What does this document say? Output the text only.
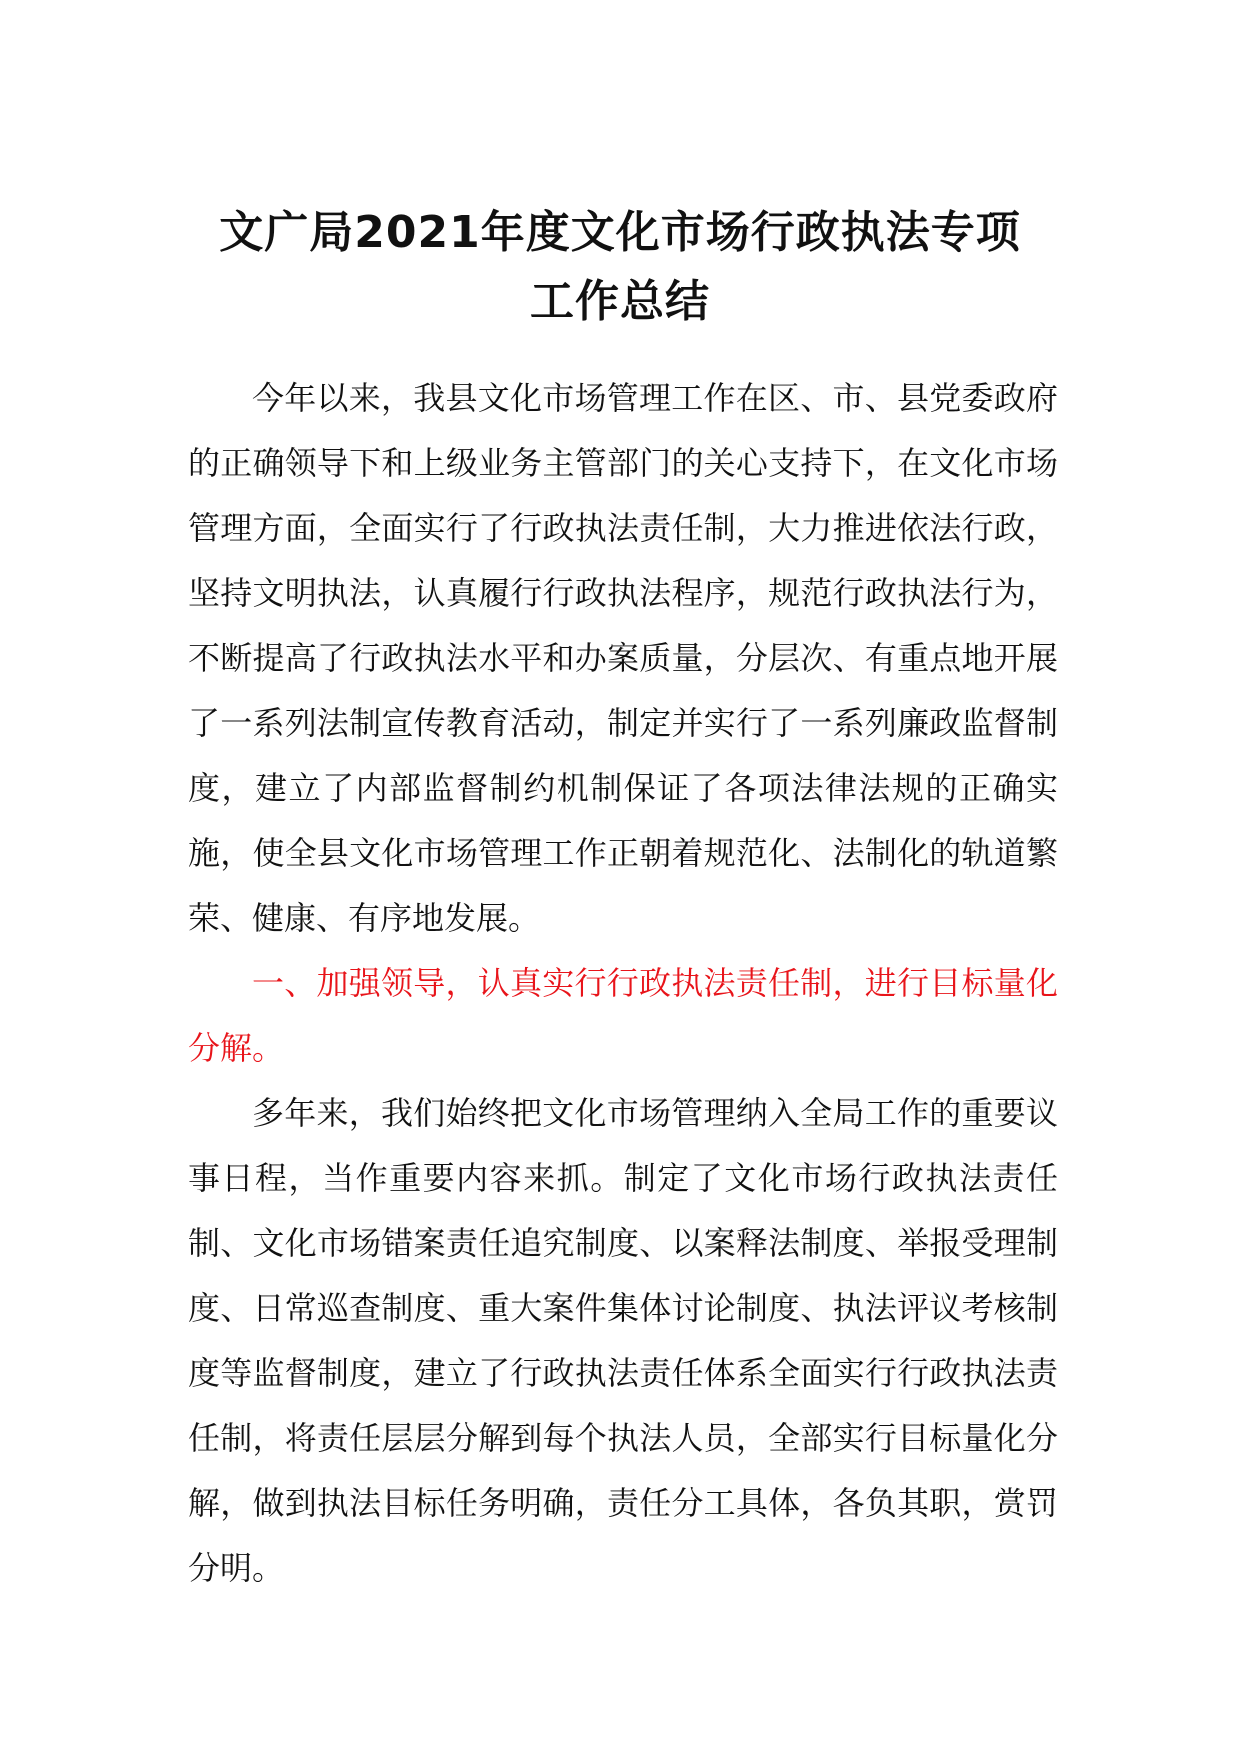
文广局2021年度文化市场行政执法专项
工作总结

今年以来，我县文化市场管理工作在区、市、县党委政府的正确领导下和上级业务主管部门的关心支持下，在文化市场管理方面，全面实行了行政执法责任制，大力推进依法行政，坚持文明执法，认真履行行政执法程序，规范行政执法行为，不断提高了行政执法水平和办案质量，分层次、有重点地开展了一系列法制宣传教育活动，制定并实行了一系列廉政监督制度，建立了内部监督制约机制保证了各项法律法规的正确实施，使全县文化市场管理工作正朝着规范化、法制化的轨道繁荣、健康、有序地发展。

一、加强领导，认真实行行政执法责任制，进行目标量化分解。

多年来，我们始终把文化市场管理纳入全局工作的重要议事日程，当作重要内容来抓。制定了文化市场行政执法责任制、文化市场错案责任追究制度、以案释法制度、举报受理制度、日常巡查制度、重大案件集体讨论制度、执法评议考核制度等监督制度，建立了行政执法责任体系全面实行行政执法责任制，将责任层层分解到每个执法人员，全部实行目标量化分解，做到执法目标任务明确，责任分工具体，各负其职，赏罚分明。
